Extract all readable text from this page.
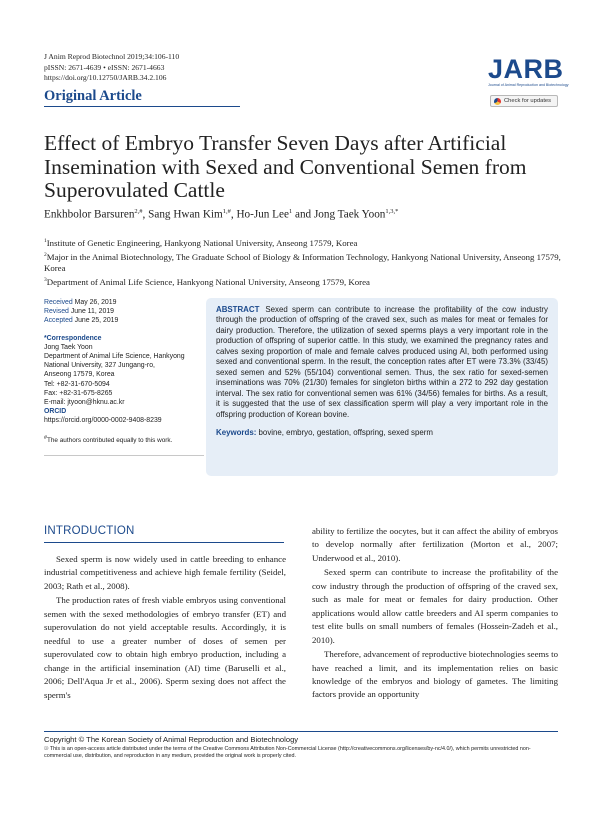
J Anim Reprod Biotechnol 2019;34:106-110
pISSN: 2671-4639 • eISSN: 2671-4663
https://doi.org/10.12750/JARB.34.2.106
Original Article
JARB
Journal of Animal Reproduction and Biotechnology
Check for updates
Effect of Embryo Transfer Seven Days after Artificial Insemination with Sexed and Conventional Semen from Superovulated Cattle
Enkhbolor Barsuren$^{2,\#}$, Sang Hwan Kim$^{1,\#}$, Ho-Jun Lee$^1$ and Jong Taek Yoon$^{1,3,*}$
$^1$Institute of Genetic Engineering, Hankyong National University, Anseong 17579, Korea
$^2$Major in the Animal Biotechnology, The Graduate School of Biology & Information Technology, Hankyong National University, Anseong 17579, Korea
$^3$Department of Animal Life Science, Hankyong National University, Anseong 17579, Korea
Received May 26, 2019
Revised June 11, 2019
Accepted June 25, 2019
*Correspondence
Jong Taek Yoon
Department of Animal Life Science, Hankyong
National University, 327 Jungang-ro,
Anseong 17579, Korea
Tel: +82-31-670-5094
Fax: +82-31-675-8265
E-mail: jtyoon@hknu.ac.kr
ORCID
https://orcid.org/0000-0002-9408-8239
#The authors contributed equally to this work.

ABSTRACT Sexed sperm can contribute to increase the profitability of the cow industry through the production of offspring of the craved sex, such as males for meat or females for dairy production. Therefore, the utilization of sexed sperms plays a very important role in the production of offspring of superior cattle. In this study, we examined the pregnancy rates and calves sexing proportion of male and female calves produced using AI, both performed using sexed and conventional sperm. In the result, the conception rates after ET were 73.3% (33/45) sexed semen and 52% (55/104) conventional semen. Thus, the sex ratio for sexed-semen inseminations was 70% (21/30) females for singleton births within a 272 to 292 day gestation interval. The sex ratio for conventional semen was 61% (34/56) females for births. As a result, it is suggested that the use of sex classification sperm will play a very important role in the offspring production of Korean bovine.

Keywords: bovine, embryo, gestation, offspring, sexed sperm

INTRODUCTION

Sexed sperm is now widely used in cattle breeding to enhance industrial competitiveness and achieve high female fertility (Seidel, 2003; Rath et al., 2008).

The production rates of fresh viable embryos using conventional semen with the sexed methodologies of embryo transfer (ET) and superovulation do not yield acceptable results. Accordingly, it is needful to use a greater number of doses of semen per superovulated cow to obtain high embryo production, including a change in the artificial insemination (AI) time (Baruselli et al., 2006; Dell'Aqua Jr et al., 2006). Sperm sexing does not affect the sperm's

ability to fertilize the oocytes, but it can affect the ability of embryos to develop normally after fertilization (Morton et al., 2007; Underwood et al., 2010).

Sexed sperm can contribute to increase the profitability of the cow industry through the production of offspring of the craved sex, such as male for meat or females for dairy production. Other applications would allow cattle breeders and AI sperm companies to test elite bulls on small numbers of females (Hossein-Zadeh et al., 2010).

Therefore, advancement of reproductive biotechnologies seems to have reached a limit, and its implementation relies on basic knowledge of the embryos and biology of gametes. The limiting factors provide an opportunity

Copyright © The Korean Society of Animal Reproduction and Biotechnology
🄯 This is an open-access article distributed under the terms of the Creative Commons Attribution Non-Commercial License (http://creativecommons.org/licenses/by-nc/4.0/), which permits unrestricted non-commercial use, distribution, and reproduction in any medium, provided the original work is properly cited.
